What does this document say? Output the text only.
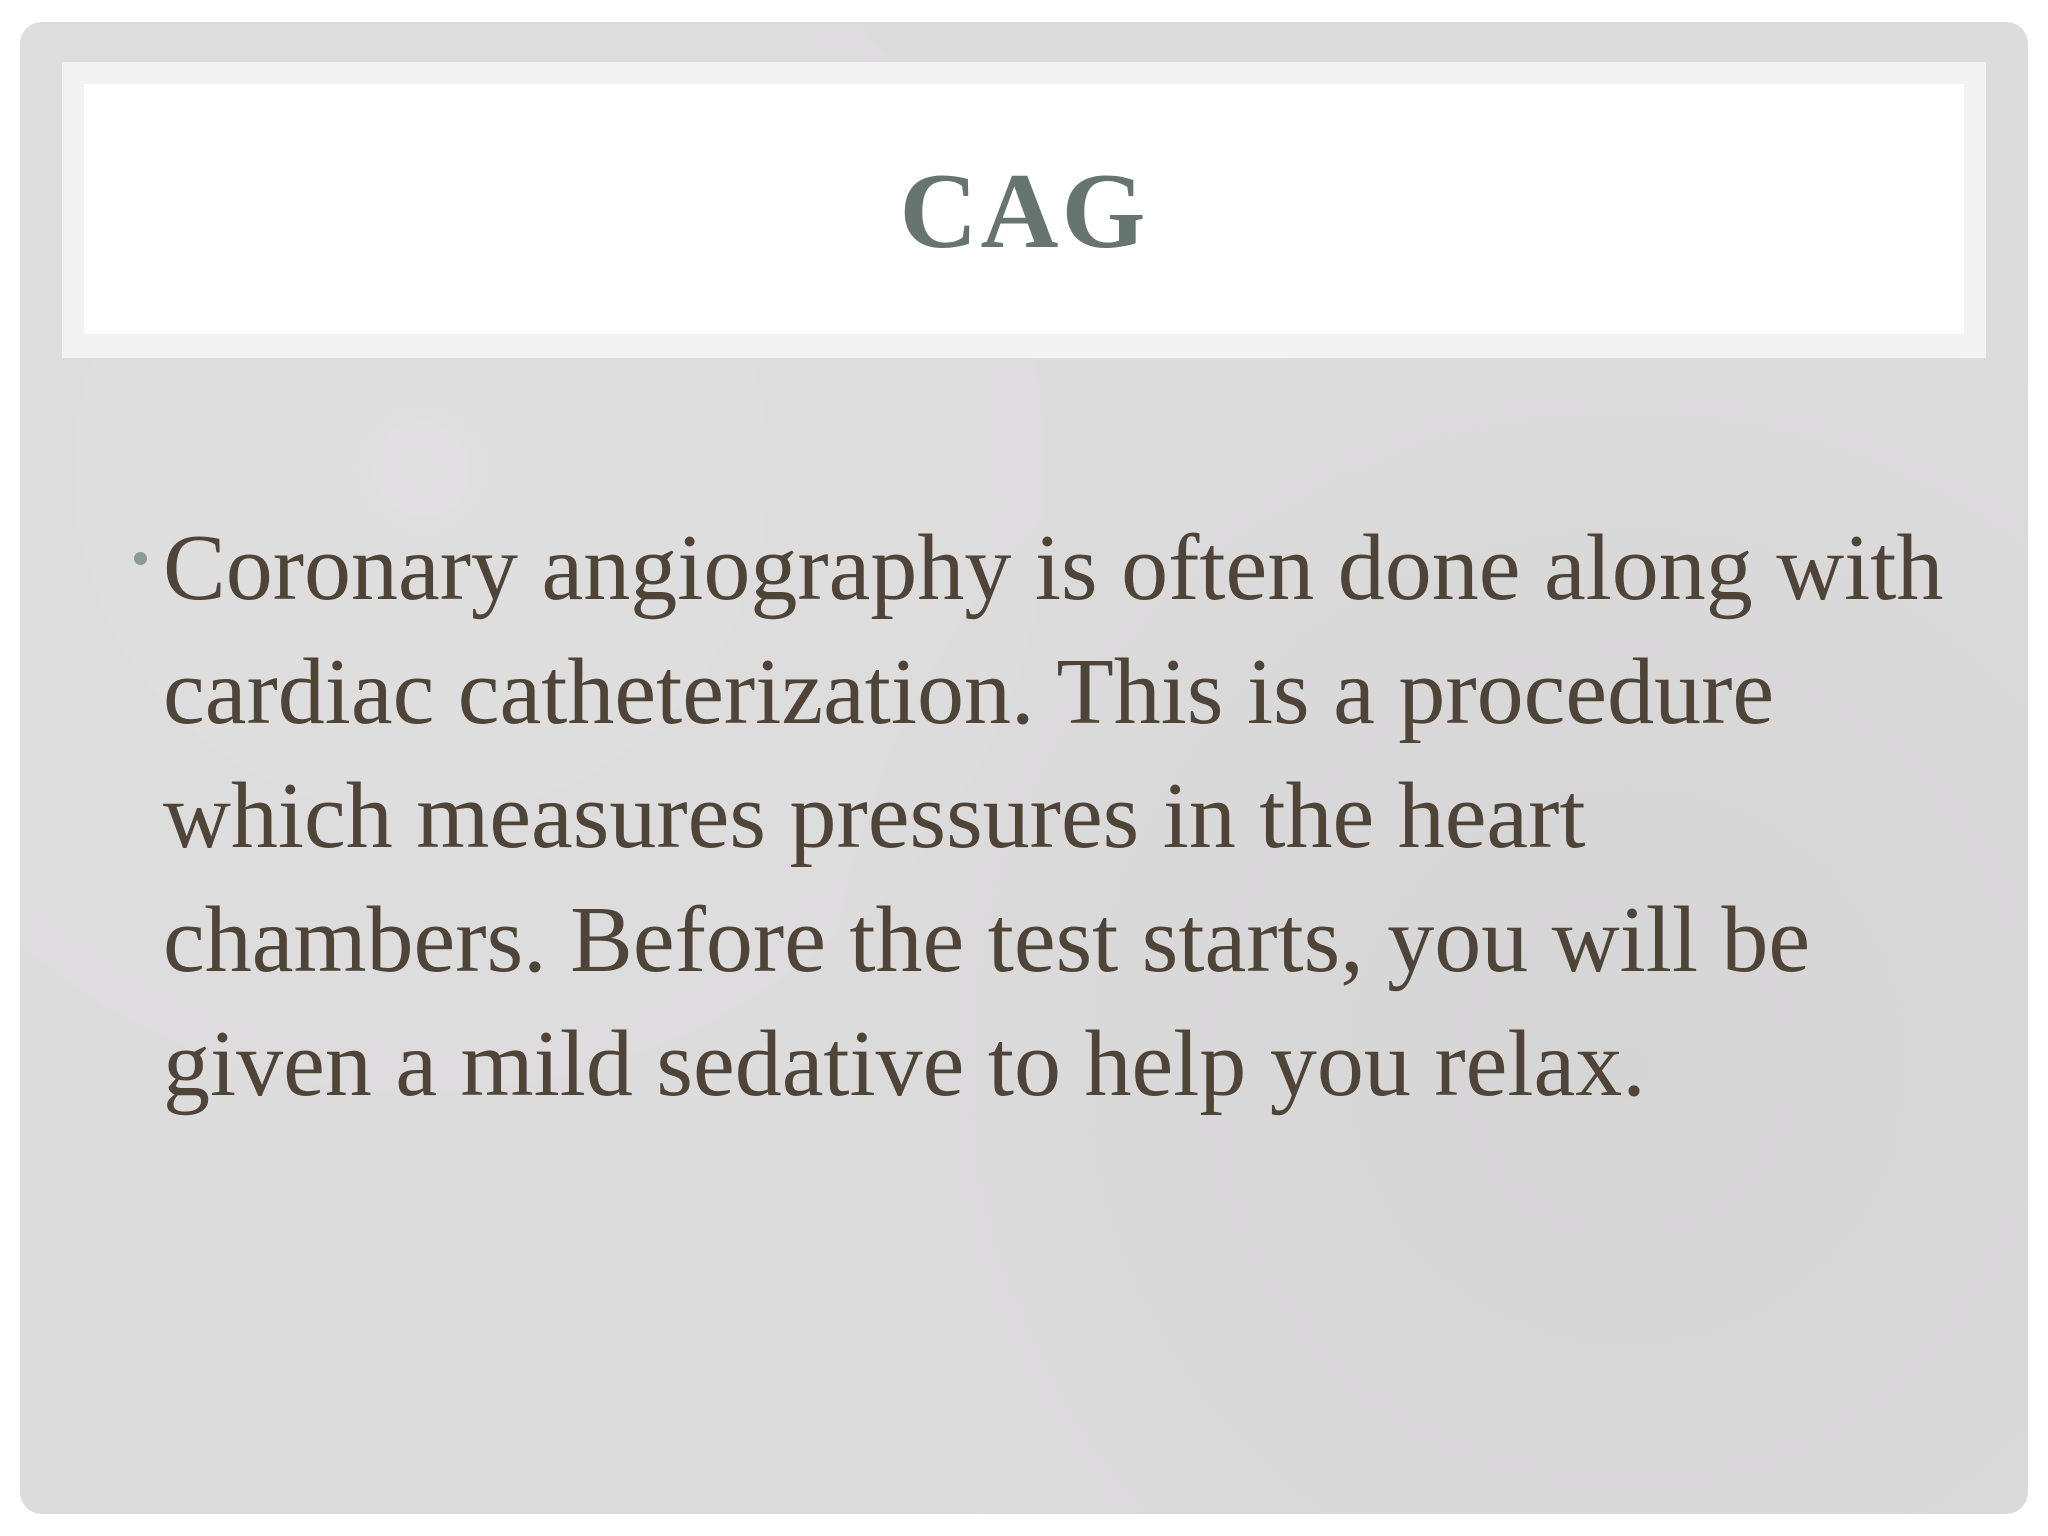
CAG

Coronary angiography is often done along with cardiac catheterization. This is a procedure which measures pressures in the heart chambers. Before the test starts, you will be given a mild sedative to help you relax.
